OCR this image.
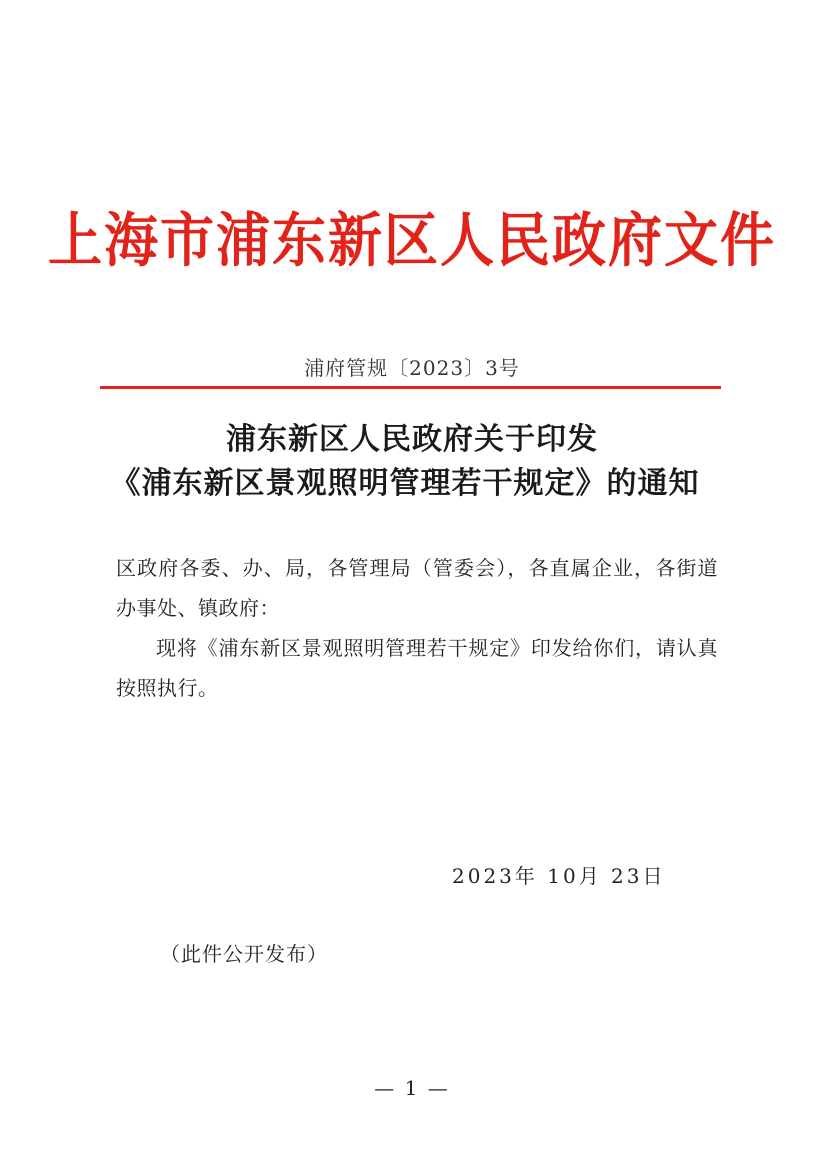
上海市浦东新区人民政府文件
浦府管规〔2023〕3号
浦东新区人民政府关于印发
《浦东新区景观照明管理若干规定》的通知

区政府各委、办、局，各管理局（管委会），各直属企业，各街道办事处、镇政府：

现将《浦东新区景观照明管理若干规定》印发给你们，请认真按照执行。

2023年 10月 23日
（此件公开发布）
— 1 —
